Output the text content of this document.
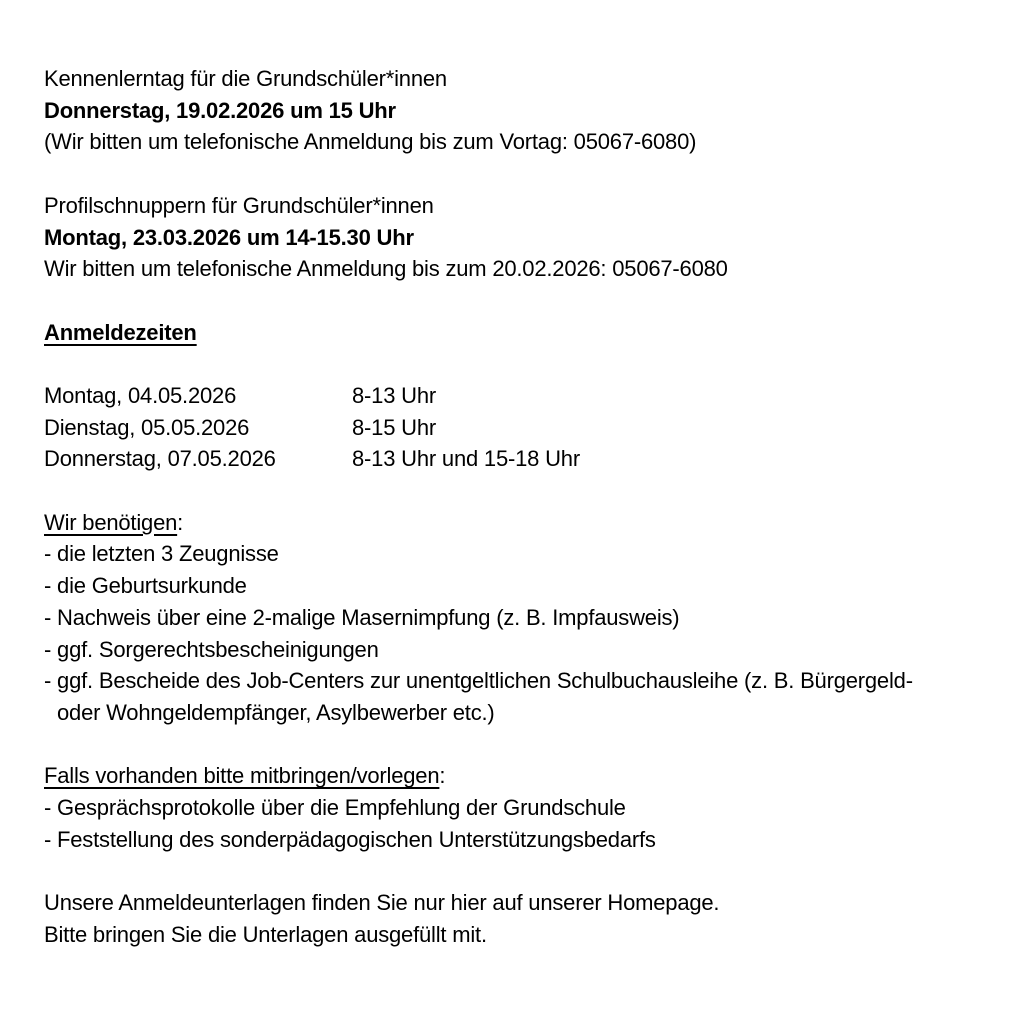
Kennenlerntag für die Grundschüler*innen

Donnerstag, 19.02.2026 um 15 Uhr

(Wir bitten um telefonische Anmeldung bis zum Vortag: 05067-6080)

Profilschnuppern für Grundschüler*innen

Montag, 23.03.2026 um 14-15.30 Uhr

Wir bitten um telefonische Anmeldung bis zum 20.02.2026: 05067-6080

Anmeldezeiten

Montag, 04.05.2026	8-13 Uhr

Dienstag, 05.05.2026	8-15 Uhr

Donnerstag, 07.05.2026	8-13 Uhr und 15-18 Uhr

Wir benötigen:

- die letzten 3 Zeugnisse

- die Geburtsurkunde

- Nachweis über eine 2-malige Masernimpfung (z. B. Impfausweis)

- ggf. Sorgerechtsbescheinigungen

- ggf. Bescheide des Job-Centers zur unentgeltlichen Schulbuchausleihe (z. B. Bürgergeld-

oder Wohngeldempfänger, Asylbewerber etc.)

Falls vorhanden bitte mitbringen/vorlegen:

- Gesprächsprotokolle über die Empfehlung der Grundschule

- Feststellung des sonderpädagogischen Unterstützungsbedarfs

Unsere Anmeldeunterlagen finden Sie nur hier auf unserer Homepage.

Bitte bringen Sie die Unterlagen ausgefüllt mit.
